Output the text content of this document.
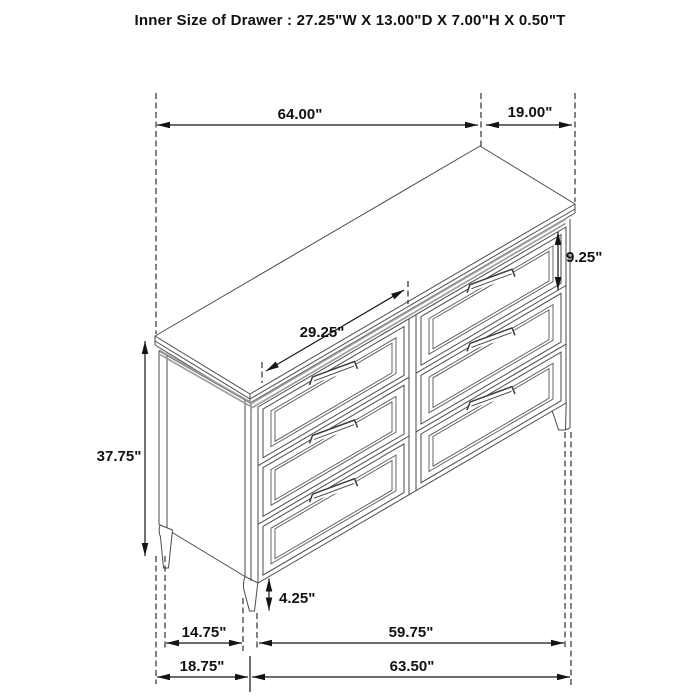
Inner Size of Drawer : 27.25"W X 13.00"D X 7.00"H X 0.50"T
64.00"	19.00"
9.25"
29.25"
37.75"
4.25"
14.75"	59.75"
18.75"	63.50"
